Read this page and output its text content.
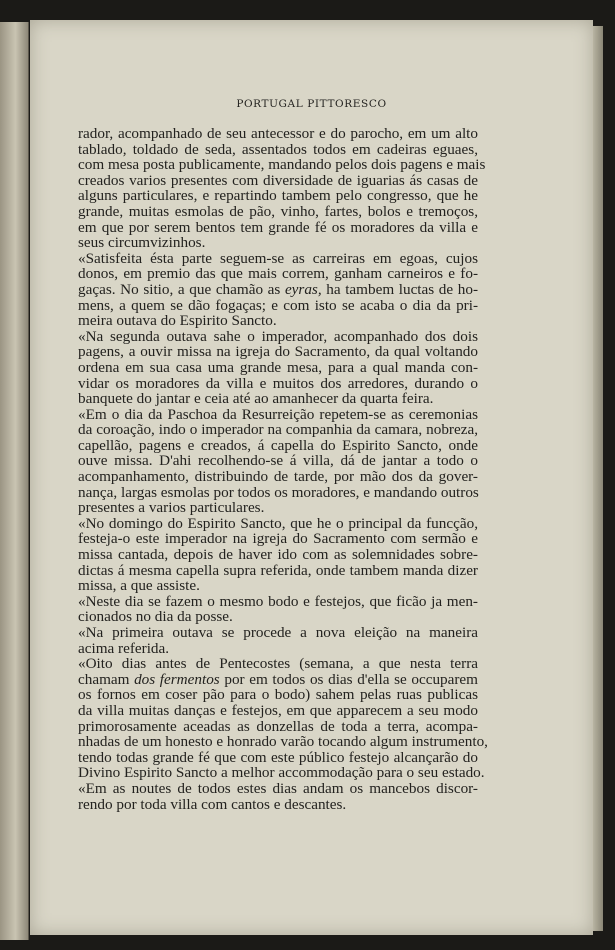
PORTUGAL PITTORESCO
rador, acompanhado de seu antecessor e do parocho, em um alto
tablado, toldado de seda, assentados todos em cadeiras eguaes,
com mesa posta publicamente, mandando pelos dois pagens e mais
creados varios presentes com diversidade de iguarias ás casas de
alguns particulares, e repartindo tambem pelo congresso, que he
grande, muitas esmolas de pão, vinho, fartes, bolos e tremoços,
em que por serem bentos tem grande fé os moradores da villa e
seus circumvizinhos.
«Satisfeita ésta parte seguem-se as carreiras em egoas, cujos
donos, em premio das que mais correm, ganham carneiros e fo-
gaças. No sitio, a que chamão as eyras, ha tambem luctas de ho-
mens, a quem se dão fogaças; e com isto se acaba o dia da pri-
meira outava do Espirito Sancto.
«Na segunda outava sahe o imperador, acompanhado dos dois
pagens, a ouvir missa na igreja do Sacramento, da qual voltando
ordena em sua casa uma grande mesa, para a qual manda con-
vidar os moradores da villa e muitos dos arredores, durando o
banquete do jantar e ceia até ao amanhecer da quarta feira.
«Em o dia da Paschoa da Resurreição repetem-se as ceremonias
da coroação, indo o imperador na companhia da camara, nobreza,
capellão, pagens e creados, á capella do Espirito Sancto, onde
ouve missa. D'ahi recolhendo-se á villa, dá de jantar a todo o
acompanhamento, distribuindo de tarde, por mão dos da gover-
nança, largas esmolas por todos os moradores, e mandando outros
presentes a varios particulares.
«No domingo do Espirito Sancto, que he o principal da funcção,
festeja-o este imperador na igreja do Sacramento com sermão e
missa cantada, depois de haver ido com as solemnidades sobre-
dictas á mesma capella supra referida, onde tambem manda dizer
missa, a que assiste.
«Neste dia se fazem o mesmo bodo e festejos, que ficão ja men-
cionados no dia da posse.
«Na primeira outava se procede a nova eleição na maneira
acima referida.
«Oito dias antes de Pentecostes (semana, a que nesta terra
chamam dos fermentos por em todos os dias d'ella se occuparem
os fornos em coser pão para o bodo) sahem pelas ruas publicas
da villa muitas danças e festejos, em que apparecem a seu modo
primorosamente aceadas as donzellas de toda a terra, acompa-
nhadas de um honesto e honrado varão tocando algum instrumento,
tendo todas grande fé que com este público festejo alcançarão do
Divino Espirito Sancto a melhor accommodação para o seu estado.
«Em as noutes de todos estes dias andam os mancebos discor-
rendo por toda villa com cantos e descantes.
